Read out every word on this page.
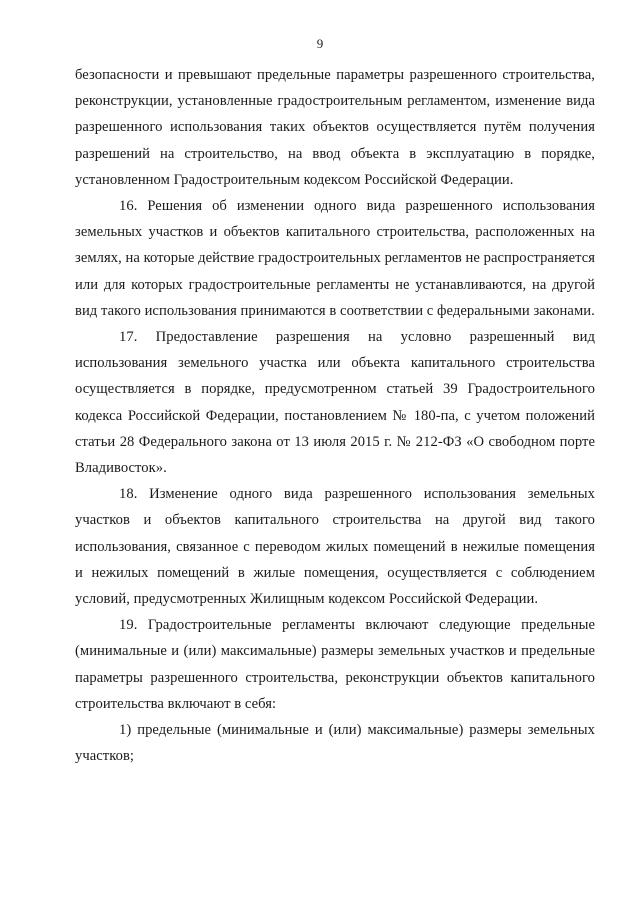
9

безопасности и превышают предельные параметры разрешенного строительства, реконструкции, установленные градостроительным регламентом, изменение вида разрешенного использования таких объектов осуществляется путём получения разрешений на строительство, на ввод объекта в эксплуатацию в порядке, установленном Градостроительным кодексом Российской Федерации.

16. Решения об изменении одного вида разрешенного использования земельных участков и объектов капитального строительства, расположенных на землях, на которые действие градостроительных регламентов не распространяется или для которых градостроительные регламенты не устанавливаются, на другой вид такого использования принимаются в соответствии с федеральными законами.

17. Предоставление разрешения на условно разрешенный вид использования земельного участка или объекта капитального строительства осуществляется в порядке, предусмотренном статьей 39 Градостроительного кодекса Российской Федерации, постановлением № 180-па, с учетом положений статьи 28 Федерального закона от 13 июля 2015 г. № 212-ФЗ «О свободном порте Владивосток».

18. Изменение одного вида разрешенного использования земельных участков и объектов капитального строительства на другой вид такого использования, связанное с переводом жилых помещений в нежилые помещения и нежилых помещений в жилые помещения, осуществляется с соблюдением условий, предусмотренных Жилищным кодексом Российской Федерации.

19. Градостроительные регламенты включают следующие предельные (минимальные и (или) максимальные) размеры земельных участков и предельные параметры разрешенного строительства, реконструкции объектов капитального строительства включают в себя:

1) предельные (минимальные и (или) максимальные) размеры земельных участков;
